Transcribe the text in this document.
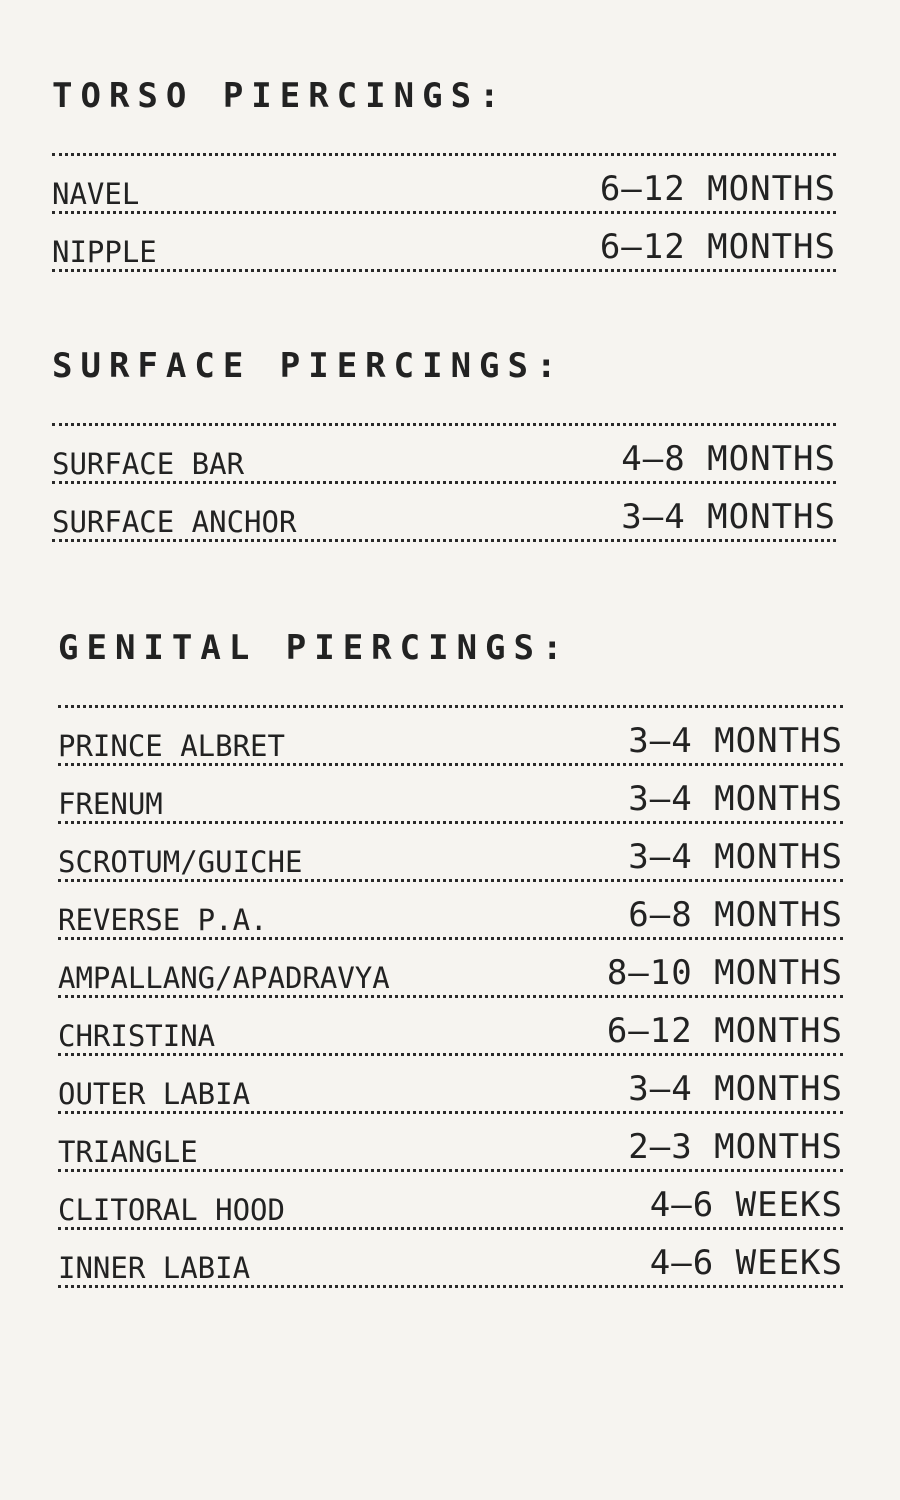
TORSO PIERCINGS:
NAVEL	6–12 MONTHS
NIPPLE	6–12 MONTHS
SURFACE PIERCINGS:
SURFACE BAR	4–8 MONTHS
SURFACE ANCHOR	3–4 MONTHS
GENITAL PIERCINGS:
PRINCE ALBRET	3–4 MONTHS
FRENUM	3–4 MONTHS
SCROTUM/GUICHE	3–4 MONTHS
REVERSE P.A.	6–8 MONTHS
AMPALLANG/APADRAVYA	8–10 MONTHS
CHRISTINA	6–12 MONTHS
OUTER LABIA	3–4 MONTHS
TRIANGLE	2–3 MONTHS
CLITORAL HOOD	4–6 WEEKS
INNER LABIA	4–6 WEEKS
